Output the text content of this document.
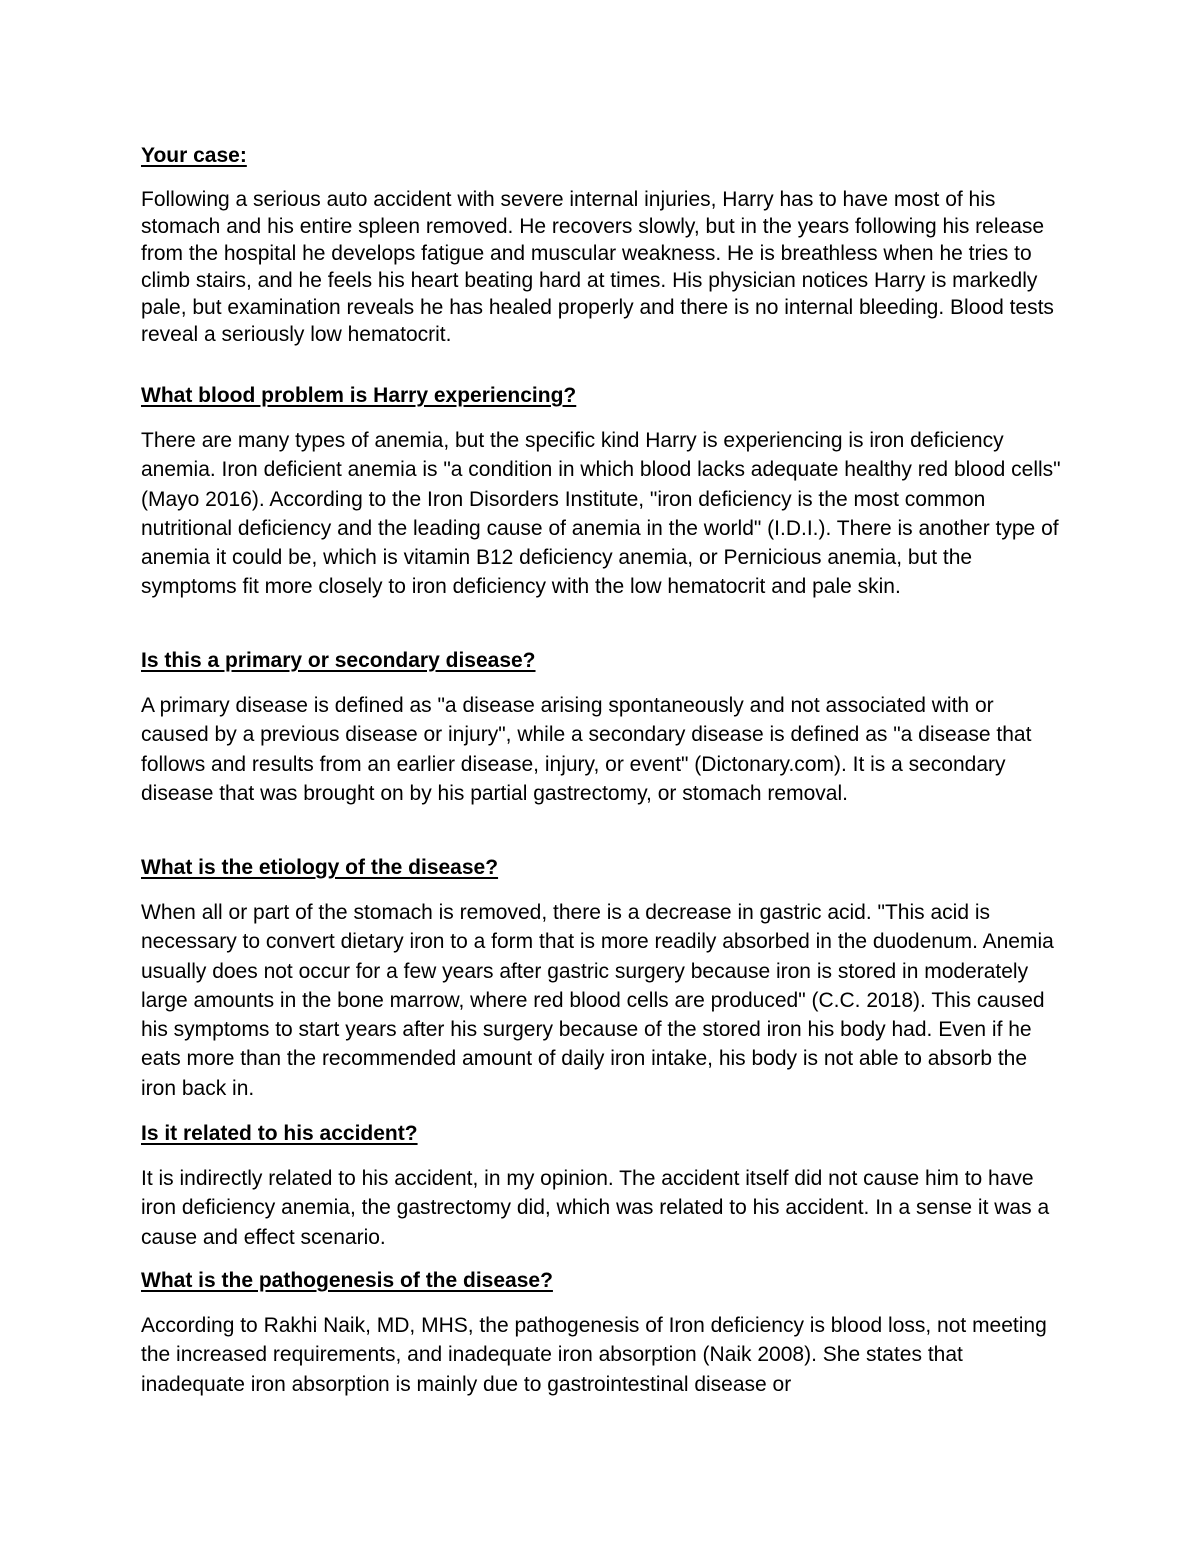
Your case:
Following a serious auto accident with severe internal injuries, Harry has to have most of his stomach and his entire spleen removed. He recovers slowly, but in the years following his release from the hospital he develops fatigue and muscular weakness. He is breathless when he tries to climb stairs, and he feels his heart beating hard at times. His physician notices Harry is markedly pale, but examination reveals he has healed properly and there is no internal bleeding. Blood tests reveal a seriously low hematocrit.
What blood problem is Harry experiencing?
There are many types of anemia, but the specific kind Harry is experiencing is iron deficiency anemia. Iron deficient anemia is "a condition in which blood lacks adequate healthy red blood cells" (Mayo 2016). According to the Iron Disorders Institute, "iron deficiency is the most common nutritional deficiency and the leading cause of anemia in the world" (I.D.I.). There is another type of anemia it could be, which is vitamin B12 deficiency anemia, or Pernicious anemia, but the symptoms fit more closely to iron deficiency with the low hematocrit and pale skin.
Is this a primary or secondary disease?
A primary disease is defined as "a disease arising spontaneously and not associated with or caused by a previous disease or injury", while a secondary disease is defined as "a disease that follows and results from an earlier disease, injury, or event" (Dictonary.com). It is a secondary disease that was brought on by his partial gastrectomy, or stomach removal.
What is the etiology of the disease?
When all or part of the stomach is removed, there is a decrease in gastric acid. "This acid is necessary to convert dietary iron to a form that is more readily absorbed in the duodenum. Anemia usually does not occur for a few years after gastric surgery because iron is stored in moderately large amounts in the bone marrow, where red blood cells are produced" (C.C. 2018). This caused his symptoms to start years after his surgery because of the stored iron his body had. Even if he eats more than the recommended amount of daily iron intake, his body is not able to absorb the iron back in.
Is it related to his accident?
It is indirectly related to his accident, in my opinion. The accident itself did not cause him to have iron deficiency anemia, the gastrectomy did, which was related to his accident. In a sense it was a cause and effect scenario.
What is the pathogenesis of the disease?
According to Rakhi Naik, MD, MHS, the pathogenesis of Iron deficiency is blood loss, not meeting the increased requirements, and inadequate iron absorption (Naik 2008). She states that inadequate iron absorption is mainly due to gastrointestinal disease or
